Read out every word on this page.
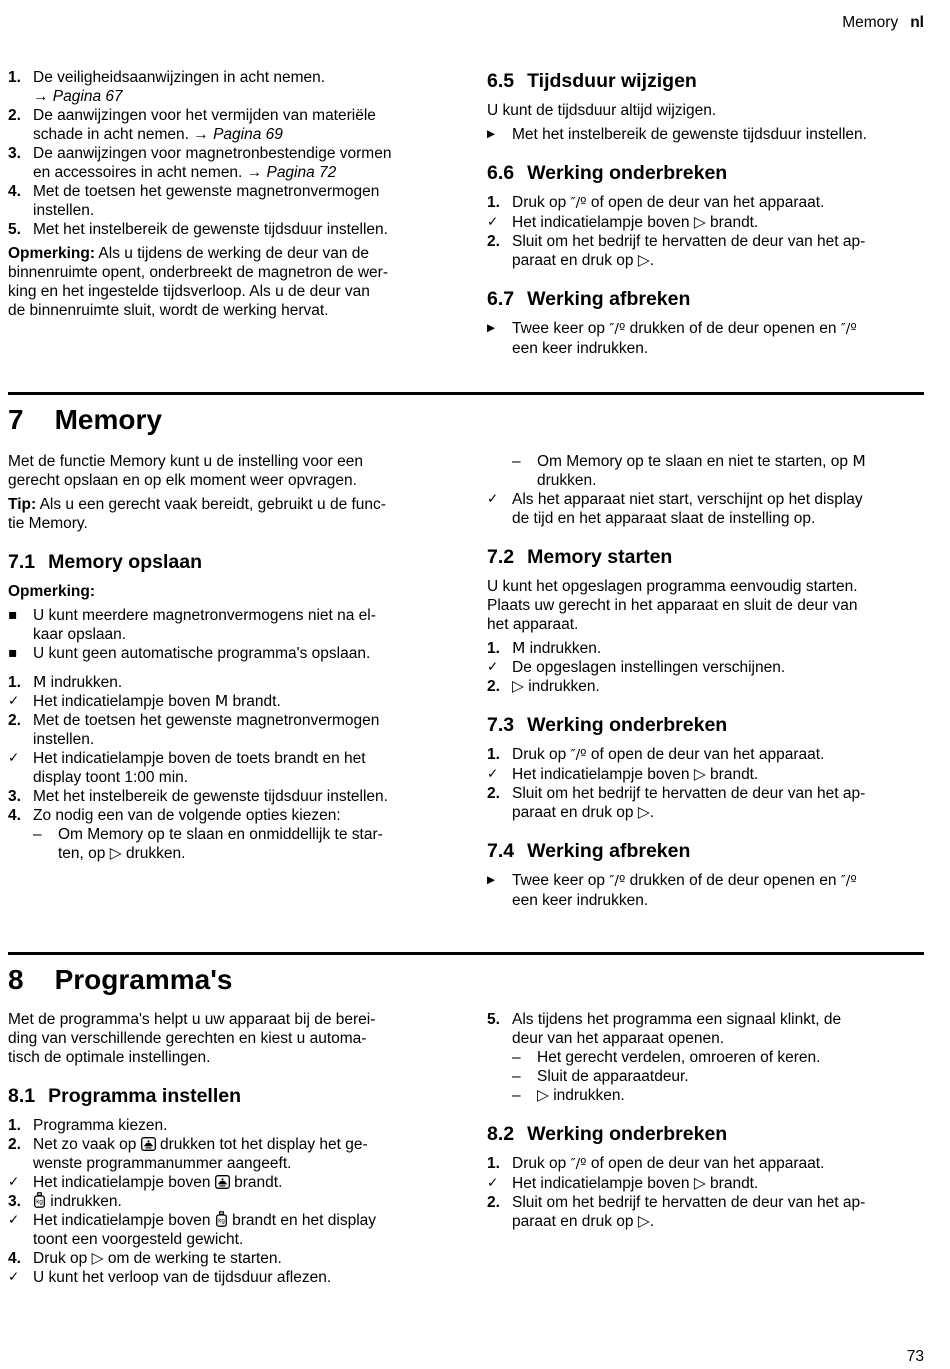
Memory nl
1. De veiligheidsaanwijzingen in acht nemen.
→ Pagina 67
2. De aanwijzingen voor het vermijden van materiële
schade in acht nemen. → Pagina 69
3. De aanwijzingen voor magnetronbestendige vormen
en accessoires in acht nemen. → Pagina 72
4. Met de toetsen het gewenste magnetronvermogen
instellen.
5. Met het instelbereik de gewenste tijdsduur instellen.
Opmerking: Als u tijdens de werking de deur van de
binnenruimte opent, onderbreekt de magnetron de wer-
king en het ingestelde tijdsverloop. Als u de deur van
de binnenruimte sluit, wordt de werking hervat.
6.5 Tijdsduur wijzigen
U kunt de tijdsduur altijd wijzigen.
▶ Met het instelbereik de gewenste tijdsduur instellen.
6.6 Werking onderbreken
1. Druk op ″/º of open de deur van het apparaat.
✓ Het indicatielampje boven ▷ brandt.
2. Sluit om het bedrijf te hervatten de deur van het ap-
paraat en druk op ▷.
6.7 Werking afbreken
▶ Twee keer op ″/º drukken of de deur openen en ″/º
een keer indrukken.
7 Memory
Met de functie Memory kunt u de instelling voor een
gerecht opslaan en op elk moment weer opvragen.
Tip: Als u een gerecht vaak bereidt, gebruikt u de func-
tie Memory.
7.1 Memory opslaan
Opmerking:
▪ U kunt meerdere magnetronvermogens niet na el-
kaar opslaan.
▪ U kunt geen automatische programma's opslaan.
1. M indrukken.
✓ Het indicatielampje boven M brandt.
2. Met de toetsen het gewenste magnetronvermogen
instellen.
✓ Het indicatielampje boven de toets brandt en het
display toont 1:00 min.
3. Met het instelbereik de gewenste tijdsduur instellen.
4. Zo nodig een van de volgende opties kiezen:
– Om Memory op te slaan en onmiddellijk te star-
ten, op ▷ drukken.
– Om Memory op te slaan en niet te starten, op M
drukken.
✓ Als het apparaat niet start, verschijnt op het display
de tijd en het apparaat slaat de instelling op.
7.2 Memory starten
U kunt het opgeslagen programma eenvoudig starten.
Plaats uw gerecht in het apparaat en sluit de deur van
het apparaat.
1. M indrukken.
✓ De opgeslagen instellingen verschijnen.
2. ▷ indrukken.
7.3 Werking onderbreken
1. Druk op ″/º of open de deur van het apparaat.
✓ Het indicatielampje boven ▷ brandt.
2. Sluit om het bedrijf te hervatten de deur van het ap-
paraat en druk op ▷.
7.4 Werking afbreken
▶ Twee keer op ″/º drukken of de deur openen en ″/º
een keer indrukken.
8 Programma's
Met de programma's helpt u uw apparaat bij de berei-
ding van verschillende gerechten en kiest u automa-
tisch de optimale instellingen.
8.1 Programma instellen
1. Programma kiezen.
2. Net zo vaak op  drukken tot het display het ge-
wenste programmanummer aangeeft.
✓ Het indicatielampje boven  brandt.
3. kg indrukken.
✓ Het indicatielampje boven kg brandt en het display
toont een voorgesteld gewicht.
4. Druk op ▷ om de werking te starten.
✓ U kunt het verloop van de tijdsduur aflezen.
5. Als tijdens het programma een signaal klinkt, de
deur van het apparaat openen.
– Het gerecht verdelen, omroeren of keren.
– Sluit de apparaatdeur.
– ▷ indrukken.
8.2 Werking onderbreken
1. Druk op ″/º of open de deur van het apparaat.
✓ Het indicatielampje boven ▷ brandt.
2. Sluit om het bedrijf te hervatten de deur van het ap-
paraat en druk op ▷.
73
